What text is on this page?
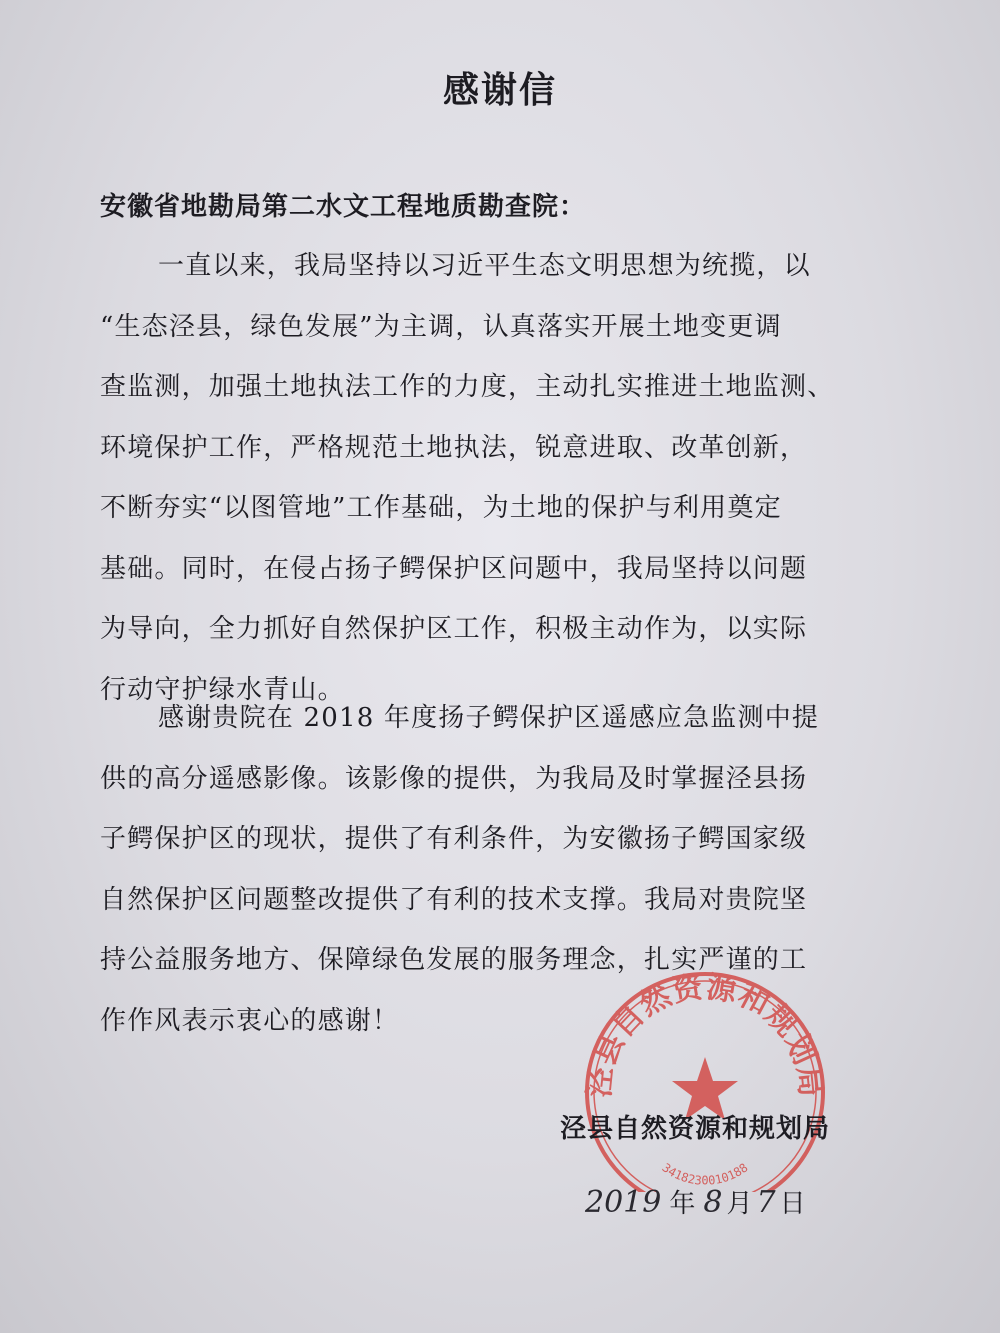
感谢信
安徽省地勘局第二水文工程地质勘查院：
一直以来，我局坚持以习近平生态文明思想为统揽，以
“生态泾县，绿色发展”为主调，认真落实开展土地变更调
查监测，加强土地执法工作的力度，主动扎实推进土地监测、
环境保护工作，严格规范土地执法，锐意进取、改革创新，
不断夯实“以图管地”工作基础，为土地的保护与利用奠定
基础。同时，在侵占扬子鳄保护区问题中，我局坚持以问题
为导向，全力抓好自然保护区工作，积极主动作为，以实际
行动守护绿水青山。
感谢贵院在 2018 年度扬子鳄保护区遥感应急监测中提
供的高分遥感影像。该影像的提供，为我局及时掌握泾县扬
子鳄保护区的现状，提供了有利条件，为安徽扬子鳄国家级
自然保护区问题整改提供了有利的技术支撑。我局对贵院坚
持公益服务地方、保障绿色发展的服务理念，扎实严谨的工
作作风表示衷心的感谢！
泾县自然资源和规划局
3418230010188
泾县自然资源和规划局
2019 年 8 月 7 日
